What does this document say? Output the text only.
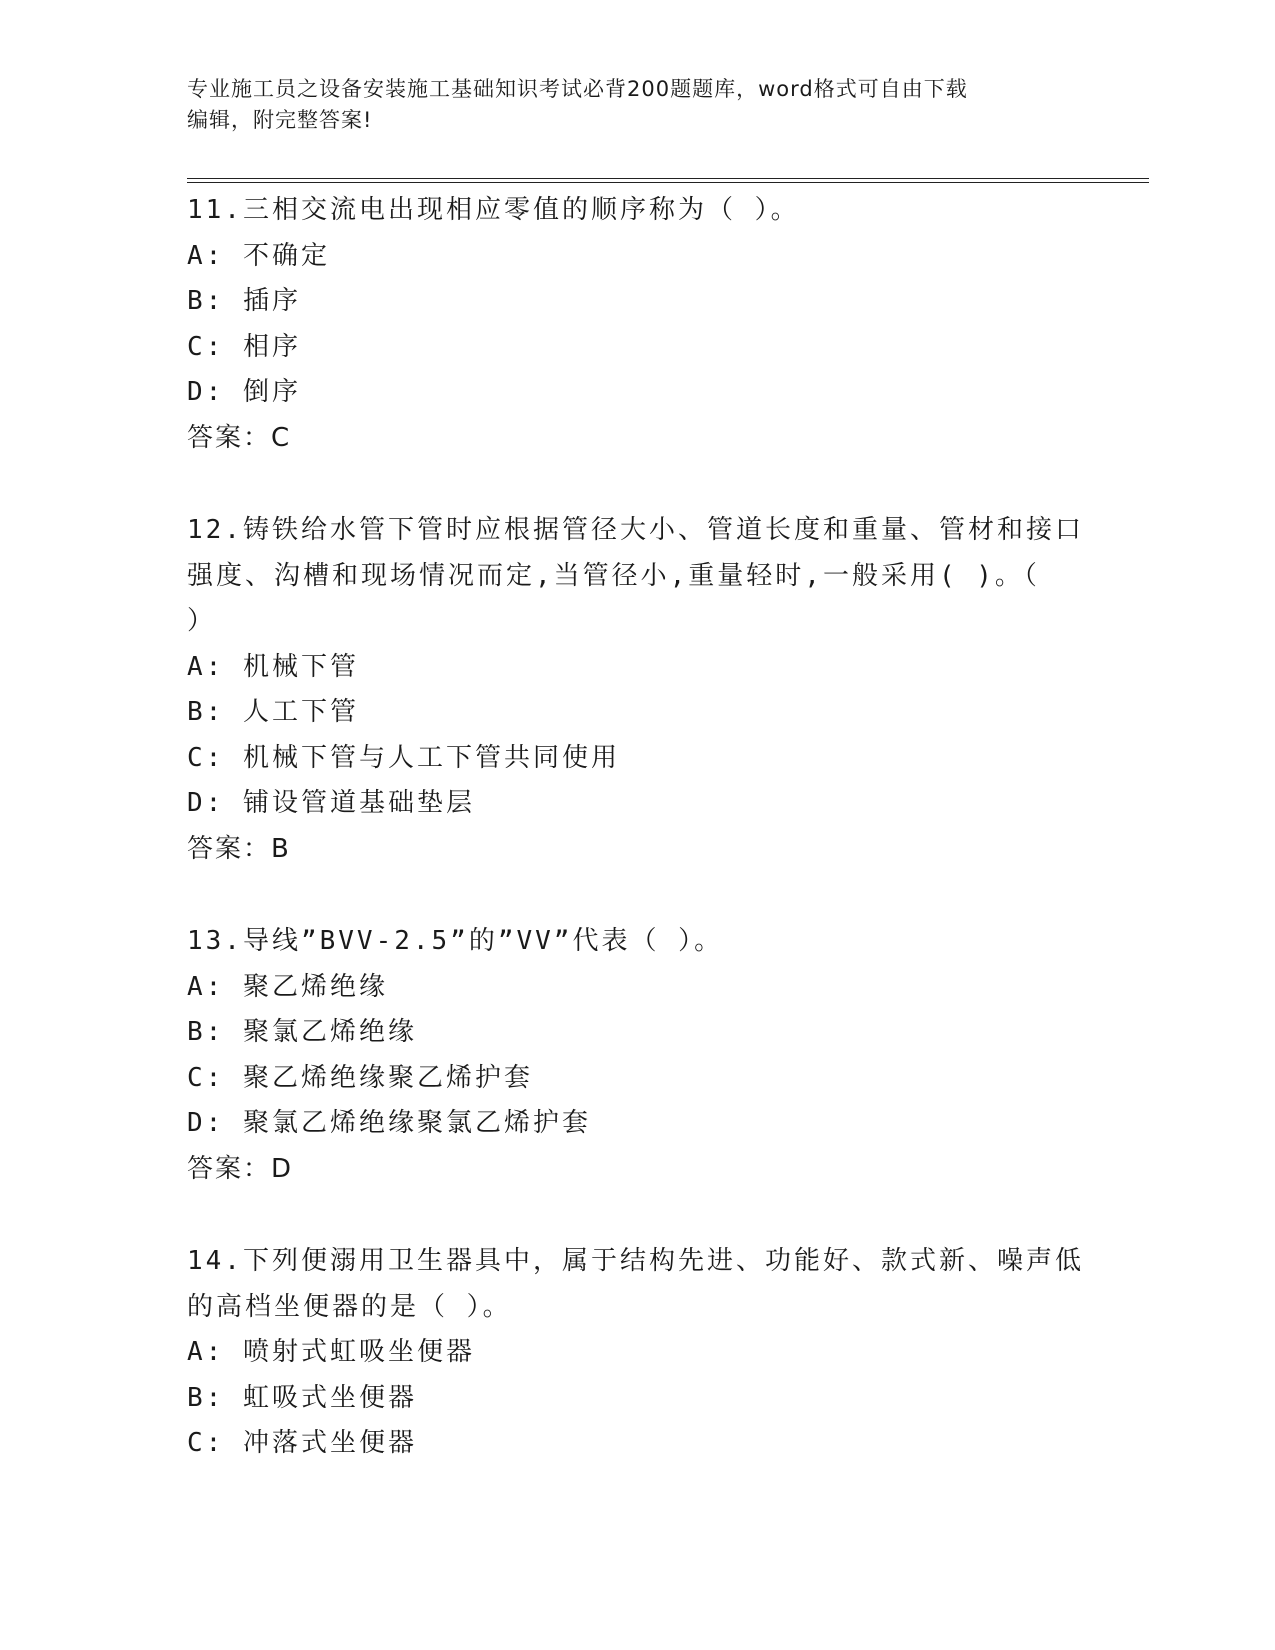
专业施工员之设备安装施工基础知识考试必背200题题库，word格式可自由下载
编辑，附完整答案!
11.三相交流电出现相应零值的顺序称为（ ）。
A: 不确定
B: 插序
C: 相序
D: 倒序
答案：C
12.铸铁给水管下管时应根据管径大小、管道长度和重量、管材和接口
强度、沟槽和现场情况而定,当管径小,重量轻时,一般采用( )。（
）
A: 机械下管
B: 人工下管
C: 机械下管与人工下管共同使用
D: 铺设管道基础垫层
答案：B
13.导线”BVV-2.5”的”VV”代表（ ）。
A: 聚乙烯绝缘
B: 聚氯乙烯绝缘
C: 聚乙烯绝缘聚乙烯护套
D: 聚氯乙烯绝缘聚氯乙烯护套
答案：D
14.下列便溺用卫生器具中，属于结构先进、功能好、款式新、噪声低
的高档坐便器的是（ ）。
A: 喷射式虹吸坐便器
B: 虹吸式坐便器
C: 冲落式坐便器
